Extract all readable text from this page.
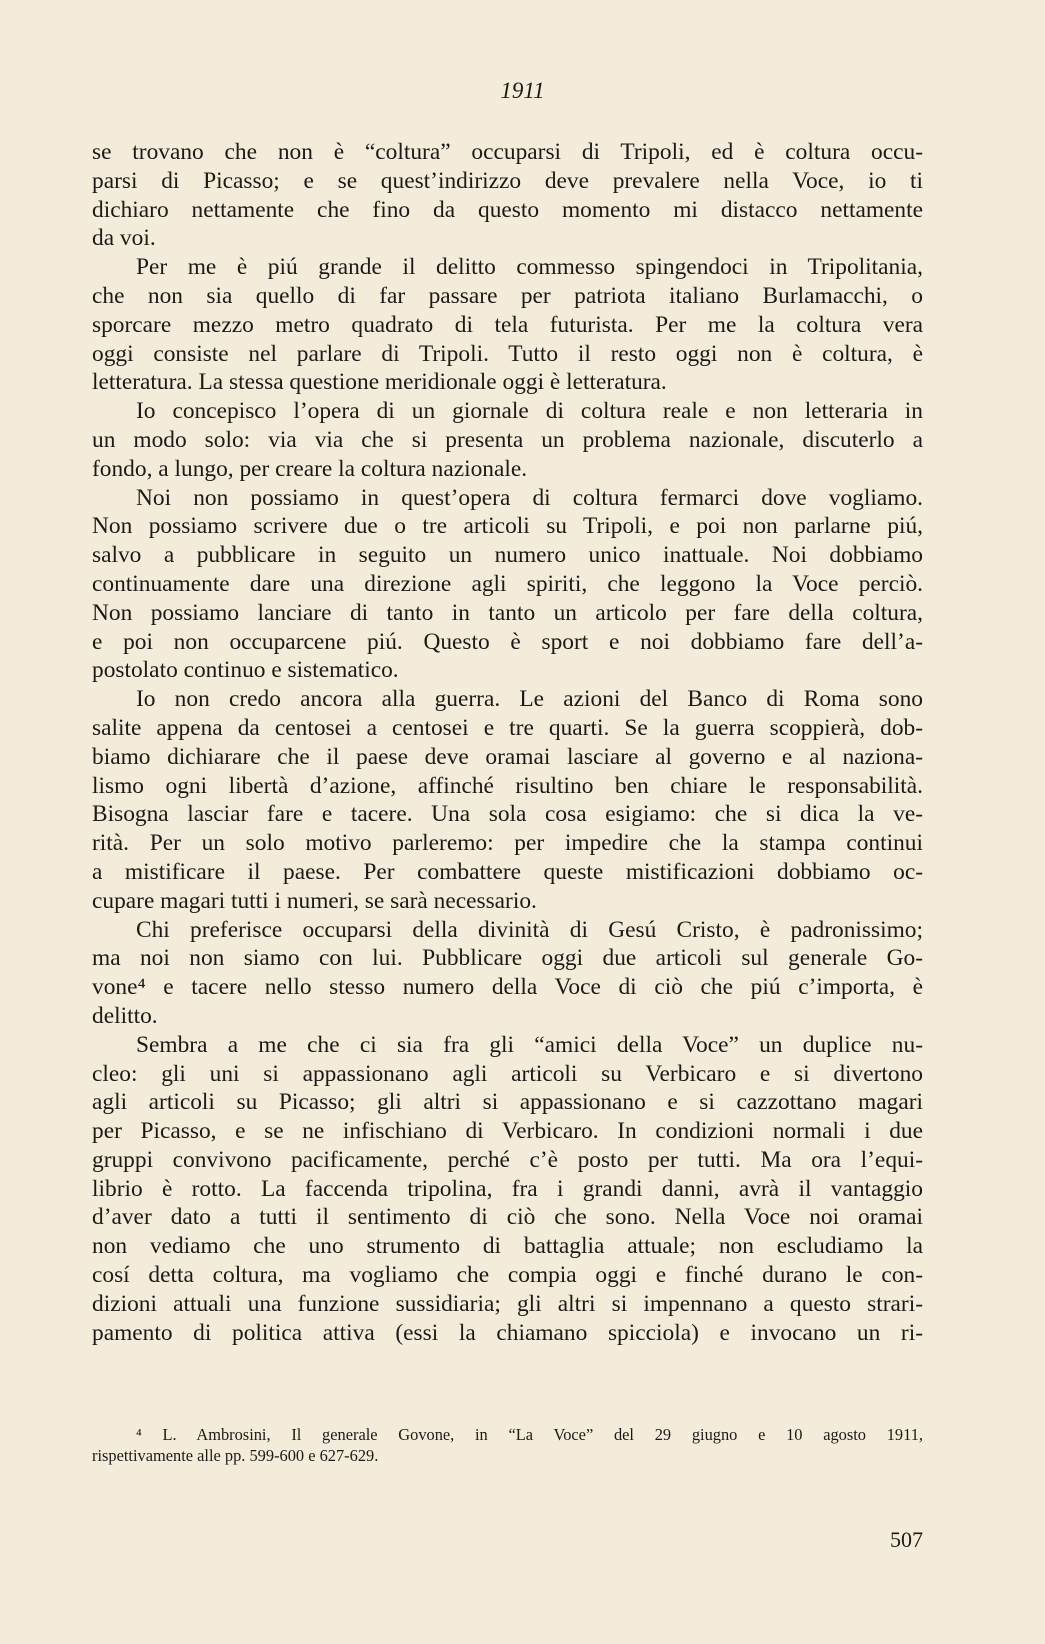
1911
se trovano che non è “coltura” occuparsi di Tripoli, ed è coltura occu-
parsi di Picasso; e se quest’indirizzo deve prevalere nella Voce, io ti
dichiaro nettamente che fino da questo momento mi distacco nettamente
da voi.
Per me è piú grande il delitto commesso spingendoci in Tripolitania,
che non sia quello di far passare per patriota italiano Burlamacchi, o
sporcare mezzo metro quadrato di tela futurista. Per me la coltura vera
oggi consiste nel parlare di Tripoli. Tutto il resto oggi non è coltura, è
letteratura. La stessa questione meridionale oggi è letteratura.
Io concepisco l’opera di un giornale di coltura reale e non letteraria in
un modo solo: via via che si presenta un problema nazionale, discuterlo a
fondo, a lungo, per creare la coltura nazionale.
Noi non possiamo in quest’opera di coltura fermarci dove vogliamo.
Non possiamo scrivere due o tre articoli su Tripoli, e poi non parlarne piú,
salvo a pubblicare in seguito un numero unico inattuale. Noi dobbiamo
continuamente dare una direzione agli spiriti, che leggono la Voce perciò.
Non possiamo lanciare di tanto in tanto un articolo per fare della coltura,
e poi non occuparcene piú. Questo è sport e noi dobbiamo fare dell’a-
postolato continuo e sistematico.
Io non credo ancora alla guerra. Le azioni del Banco di Roma sono
salite appena da centosei a centosei e tre quarti. Se la guerra scoppierà, dob-
biamo dichiarare che il paese deve oramai lasciare al governo e al naziona-
lismo ogni libertà d’azione, affinché risultino ben chiare le responsabilità.
Bisogna lasciar fare e tacere. Una sola cosa esigiamo: che si dica la ve-
rità. Per un solo motivo parleremo: per impedire che la stampa continui
a mistificare il paese. Per combattere queste mistificazioni dobbiamo oc-
cupare magari tutti i numeri, se sarà necessario.
Chi preferisce occuparsi della divinità di Gesú Cristo, è padronissimo;
ma noi non siamo con lui. Pubblicare oggi due articoli sul generale Go-
vone⁴ e tacere nello stesso numero della Voce di ciò che piú c’importa, è
delitto.
Sembra a me che ci sia fra gli “amici della Voce” un duplice nu-
cleo: gli uni si appassionano agli articoli su Verbicaro e si divertono
agli articoli su Picasso; gli altri si appassionano e si cazzottano magari
per Picasso, e se ne infischiano di Verbicaro. In condizioni normali i due
gruppi convivono pacificamente, perché c’è posto per tutti. Ma ora l’equi-
librio è rotto. La faccenda tripolina, fra i grandi danni, avrà il vantaggio
d’aver dato a tutti il sentimento di ciò che sono. Nella Voce noi oramai
non vediamo che uno strumento di battaglia attuale; non escludiamo la
cosí detta coltura, ma vogliamo che compia oggi e finché durano le con-
dizioni attuali una funzione sussidiaria; gli altri si impennano a questo strari-
pamento di politica attiva (essi la chiamano spicciola) e invocano un ri-
⁴ L. Ambrosini, Il generale Govone, in “La Voce” del 29 giugno e 10 agosto 1911,
rispettivamente alle pp. 599-600 e 627-629.
507
